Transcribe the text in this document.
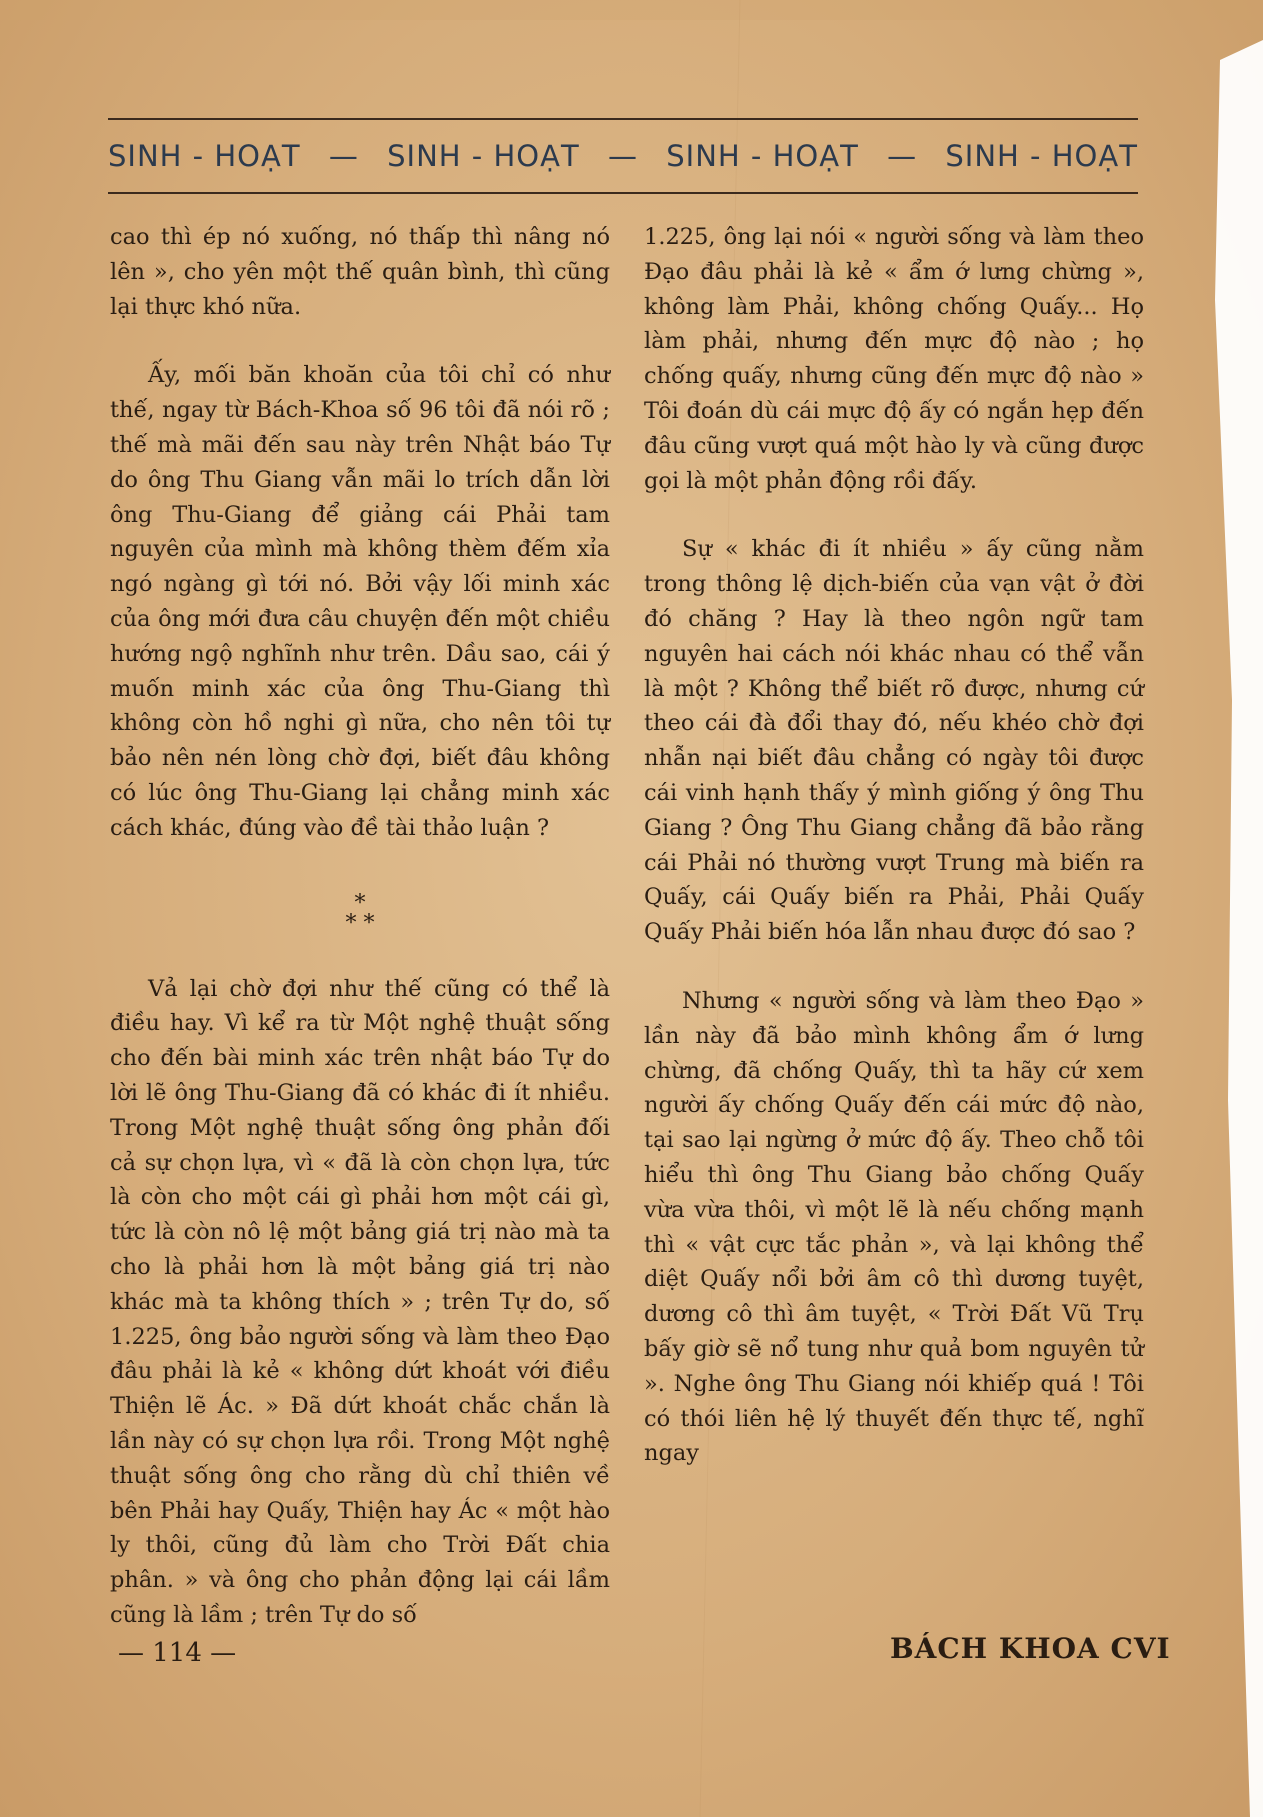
SINH - HOẠT — SINH - HOẠT — SINH - HOẠT — SINH - HOẠT

cao thì ép nó xuống, nó thấp thì nâng nó lên », cho yên một thế quân bình, thì cũng lại thực khó nữa.

Ấy, mối băn khoăn của tôi chỉ có như thế, ngay từ Bách-Khoa số 96 tôi đã nói rõ ; thế mà mãi đến sau này trên Nhật báo Tự do ông Thu Giang vẫn mãi lo trích dẫn lời ông Thu-Giang để giảng cái Phải tam nguyên của mình mà không thèm đếm xỉa ngó ngàng gì tới nó. Bởi vậy lối minh xác của ông mới đưa câu chuyện đến một chiều hướng ngộ nghĩnh như trên. Dầu sao, cái ý muốn minh xác của ông Thu-Giang thì không còn hồ nghi gì nữa, cho nên tôi tự bảo nên nén lòng chờ đợi, biết đâu không có lúc ông Thu-Giang lại chẳng minh xác cách khác, đúng vào đề tài thảo luận ?

*
* *

Vả lại chờ đợi như thế cũng có thể là điều hay. Vì kể ra từ Một nghệ thuật sống cho đến bài minh xác trên nhật báo Tự do lời lẽ ông Thu-Giang đã có khác đi ít nhiều. Trong Một nghệ thuật sống ông phản đối cả sự chọn lựa, vì « đã là còn chọn lựa, tức là còn cho một cái gì phải hơn một cái gì, tức là còn nô lệ một bảng giá trị nào mà ta cho là phải hơn là một bảng giá trị nào khác mà ta không thích » ; trên Tự do, số 1.225, ông bảo người sống và làm theo Đạo đâu phải là kẻ « không dứt khoát với điều Thiện lẽ Ác. » Đã dứt khoát chắc chắn là lần này có sự chọn lựa rồi. Trong Một nghệ thuật sống ông cho rằng dù chỉ thiên về bên Phải hay Quấy, Thiện hay Ác « một hào ly thôi, cũng đủ làm cho Trời Đất chia phân. » và ông cho phản động lại cái lầm cũng là lầm ; trên Tự do số

1.225, ông lại nói « người sống và làm theo Đạo đâu phải là kẻ « ẩm ớ lưng chừng », không làm Phải, không chống Quấy... Họ làm phải, nhưng đến mực độ nào ; họ chống quấy, nhưng cũng đến mực độ nào » Tôi đoán dù cái mực độ ấy có ngắn hẹp đến đâu cũng vượt quá một hào ly và cũng được gọi là một phản động rồi đấy.

Sự « khác đi ít nhiều » ấy cũng nằm trong thông lệ dịch-biến của vạn vật ở đời đó chăng ? Hay là theo ngôn ngữ tam nguyên hai cách nói khác nhau có thể vẫn là một ? Không thể biết rõ được, nhưng cứ theo cái đà đổi thay đó, nếu khéo chờ đợi nhẫn nại biết đâu chẳng có ngày tôi được cái vinh hạnh thấy ý mình giống ý ông Thu Giang ? Ông Thu Giang chẳng đã bảo rằng cái Phải nó thường vượt Trung mà biến ra Quấy, cái Quấy biến ra Phải, Phải Quấy Quấy Phải biến hóa lẫn nhau được đó sao ?

Nhưng « người sống và làm theo Đạo » lần này đã bảo mình không ẩm ớ lưng chừng, đã chống Quấy, thì ta hãy cứ xem người ấy chống Quấy đến cái mức độ nào, tại sao lại ngừng ở mức độ ấy. Theo chỗ tôi hiểu thì ông Thu Giang bảo chống Quấy vừa vừa thôi, vì một lẽ là nếu chống mạnh thì « vật cực tắc phản », và lại không thể diệt Quấy nổi bởi âm cô thì dương tuyệt, dương cô thì âm tuyệt, « Trời Đất Vũ Trụ bấy giờ sẽ nổ tung như quả bom nguyên tử ». Nghe ông Thu Giang nói khiếp quá ! Tôi có thói liên hệ lý thuyết đến thực tế, nghĩ ngay

— 114 —	BÁCH KHOA CVI
